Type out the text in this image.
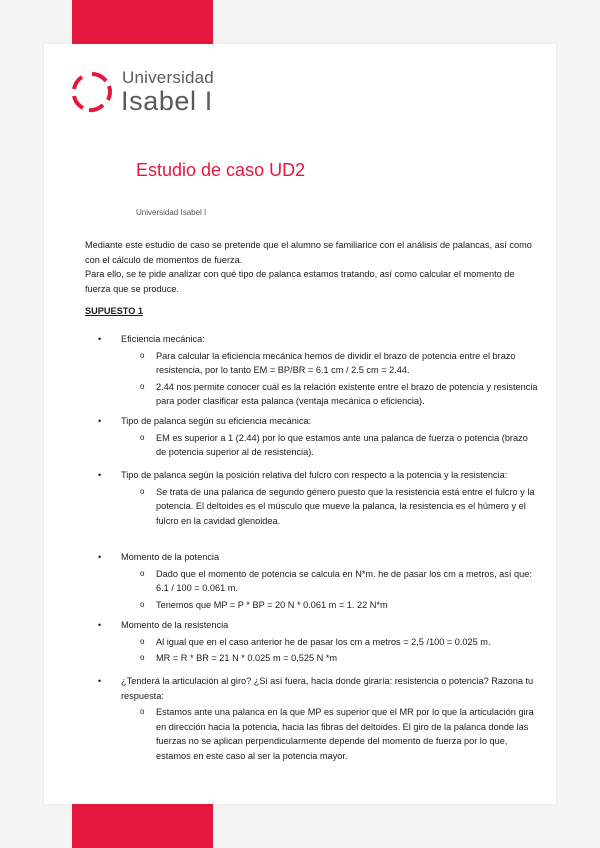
Universidad
Isabel I
Estudio de caso UD2
Universidad Isabel I
Mediante este estudio de caso se pretende que el alumno se familiarice con el análisis de palancas, así como con el cálculo de momentos de fuerza.
Para ello, se te pide analizar con qué tipo de palanca estamos tratando, así como calcular el momento de fuerza que se produce.
SUPUESTO 1
• Eficiencia mecánica:
o Para calcular la eficiencia mecánica hemos de dividir el brazo de potencia entre el brazo resistencia, por lo tanto EM = BP/BR = 6.1 cm / 2.5 cm = 2.44.
o 2.44 nos permite conocer cuál es la relación existente entre el brazo de potencia y resistencia para poder clasificar esta palanca (ventaja mecánica o eficiencia).
• Tipo de palanca según su eficiencia mecánica:
o EM es superior a 1 (2.44) por lo que estamos ante una palanca de fuerza o potencia (brazo de potencia superior al de resistencia).
• Tipo de palanca según la posición relativa del fulcro con respecto a la potencia y la resistencia:
o Se trata de una palanca de segundo género puesto que la resistencia está entre el fulcro y la potencia. El deltoides es el músculo que mueve la palanca, la resistencia es el húmero y el fulcro en la cavidad glenoidea.
• Momento de la potencia
o Dado que el momento de potencia se calcula en N*m. he de pasar los cm a metros, así que: 6.1 / 100 = 0.061 m.
o Tenemos que MP = P * BP = 20 N * 0.061 m = 1. 22 N*m
• Momento de la resistencia
o Al igual que en el caso anterior he de pasar los cm a metros = 2,5 /100 = 0.025 m.
o MR = R * BR = 21 N * 0.025 m = 0,525 N *m
• ¿Tenderá la articulación al giro? ¿Si así fuera, hacia donde giraría: resistencia o potencia? Razona tu respuesta:
o Estamos ante una palanca en la que MP es superior que el MR por lo que la articulación gira en dirección hacia la potencia, hacia las fibras del deltoides. El giro de la palanca donde las fuerzas no se aplican perpendicularmente depende del momento de fuerza por lo que, estamos en este caso al ser la potencia mayor.
